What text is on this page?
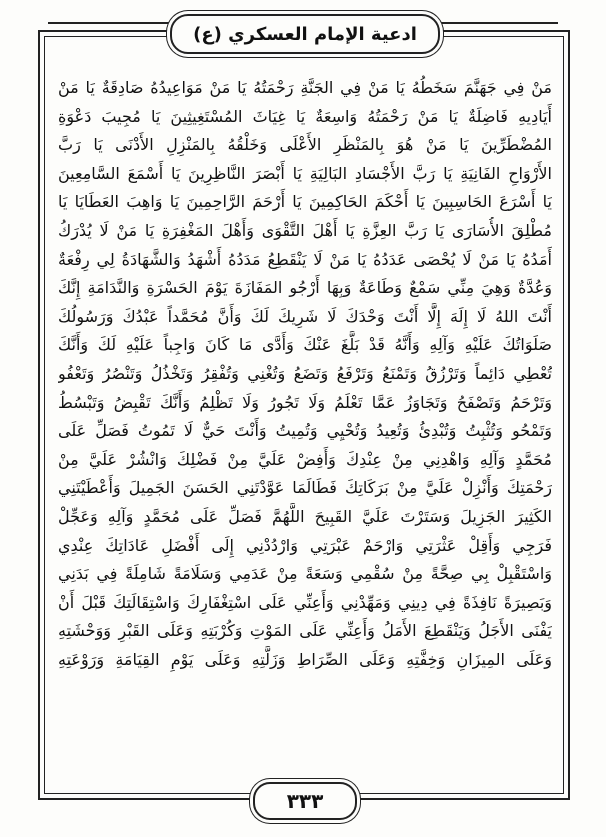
ادعية الإمام العسكري (ع)
مَنْ فِي جَهَنَّمَ سَخَطُهُ يَا مَنْ فِي الجَنَّةِ رَحْمَتُهُ يَا مَنْ مَوَاعِيدُهُ صَادِقَةٌ يَا مَنْ
أَيَادِيهِ فَاضِلَةٌ يَا مَنْ رَحْمَتُهُ وَاسِعَةٌ يَا غِيَاثَ المُسْتَغِيثِينَ يَا مُجِيبَ دَعْوَةِ
المُضْطَرِّينَ يَا مَنْ هُوَ بِالمَنْظَرِ الأَعْلَى وَخَلْقُهُ بِالمَنْزِلِ الأَدْنَى يَا رَبَّ
الأَرْوَاحِ الفَانِيَةِ يَا رَبَّ الأَجْسَادِ البَالِيَةِ يَا أَبْصَرَ النَّاظِرِينَ يَا أَسْمَعَ السَّامِعِينَ
يَا أَسْرَعَ الحَاسِبِينَ يَا أَحْكَمَ الحَاكِمِينَ يَا أَرْحَمَ الرَّاحِمِينَ يَا وَاهِبَ العَطَايَا يَا
مُطْلِقَ الأُسَارَى يَا رَبَّ العِزَّةِ يَا أَهْلَ التَّقْوَى وَأَهْلَ المَغْفِرَةِ يَا مَنْ لَا يُدْرَكُ
أَمَدُهُ يَا مَنْ لَا يُحْصَى عَدَدُهُ يَا مَنْ لَا يَنْقَطِعُ مَدَدُهُ أَشْهَدُ وَالشَّهَادَةُ لِي رِفْعَةٌ
وَعُدَّةٌ وَهِيَ مِنِّي سَمْعٌ وَطَاعَةٌ وَبِهَا أَرْجُو المَفَازَةَ يَوْمَ الحَسْرَةِ وَالنَّدَامَةِ إِنَّكَ
أَنْتَ اللهُ لَا إِلَهَ إِلَّا أَنْتَ وَحْدَكَ لَا شَرِيكَ لَكَ وَأَنَّ مُحَمَّداً عَبْدُكَ وَرَسُولُكَ
صَلَوَاتُكَ عَلَيْهِ وَآلِهِ وَأَنَّهُ قَدْ بَلَّغَ عَنْكَ وَأَدَّى مَا كَانَ وَاجِباً عَلَيْهِ لَكَ وَأَنَّكَ
تُعْطِي دَائِماً وَتَرْزُقُ وَتَمْنَعُ وَتَرْفَعُ وَتَضَعُ وَتُغْنِي وَتُفْقِرُ وَتَخْذُلُ وَتَنْصُرُ وَتَعْفُو
وَتَرْحَمُ وَتَصْفَحُ وَتَجَاوَزُ عَمَّا تَعْلَمُ وَلَا تَجُورُ وَلَا تَظْلِمُ وَأَنَّكَ تَقْبِضُ وَتَبْسُطُ
وَتَمْحُو وَتُثْبِتُ وَتُبْدِئُ وَتُعِيدُ وَتُحْيِي وَتُمِيتُ وَأَنْتَ حَيٌّ لَا تَمُوتُ فَصَلِّ عَلَى
مُحَمَّدٍ وَآلِهِ وَاهْدِنِي مِنْ عِنْدِكَ وَأَفِضْ عَلَيَّ مِنْ فَضْلِكَ وَانْشُرْ عَلَيَّ مِنْ
رَحْمَتِكَ وَأَنْزِلْ عَلَيَّ مِنْ بَرَكَاتِكَ فَطَالَمَا عَوَّدْتَنِي الحَسَنَ الجَمِيلَ وَأَعْطَيْتَنِي
الكَثِيرَ الجَزِيلَ وَسَتَرْتَ عَلَيَّ القَبِيحَ اللَّهُمَّ فَصَلِّ عَلَى مُحَمَّدٍ وَآلِهِ وَعَجِّلْ
فَرَجِي وَأَقِلْ عَثْرَتِي وَارْحَمْ عَبْرَتِي وَارْدُدْنِي إِلَى أَفْضَلِ عَادَاتِكَ عِنْدِي
وَاسْتَقْبِلْ بِي صِحَّةً مِنْ سُقْمِي وَسَعَةً مِنْ عَدَمِي وَسَلَامَةً شَامِلَةً فِي بَدَنِي
وَبَصِيرَةً نَافِذَةً فِي دِينِي وَمَهِّدْنِي وَأَعِنِّي عَلَى اسْتِغْفَارِكَ وَاسْتِقَالَتِكَ قَبْلَ أَنْ
يَفْنَى الأَجَلُ وَيَنْقَطِعَ الأَمَلُ وَأَعِنِّي عَلَى المَوْتِ وَكُرْبَتِهِ وَعَلَى القَبْرِ وَوَحْشَتِهِ
وَعَلَى المِيزَانِ وَخِفَّتِهِ وَعَلَى الصِّرَاطِ وَزَلَّتِهِ وَعَلَى يَوْمِ القِيَامَةِ وَرَوْعَتِهِ
٣٣٣
